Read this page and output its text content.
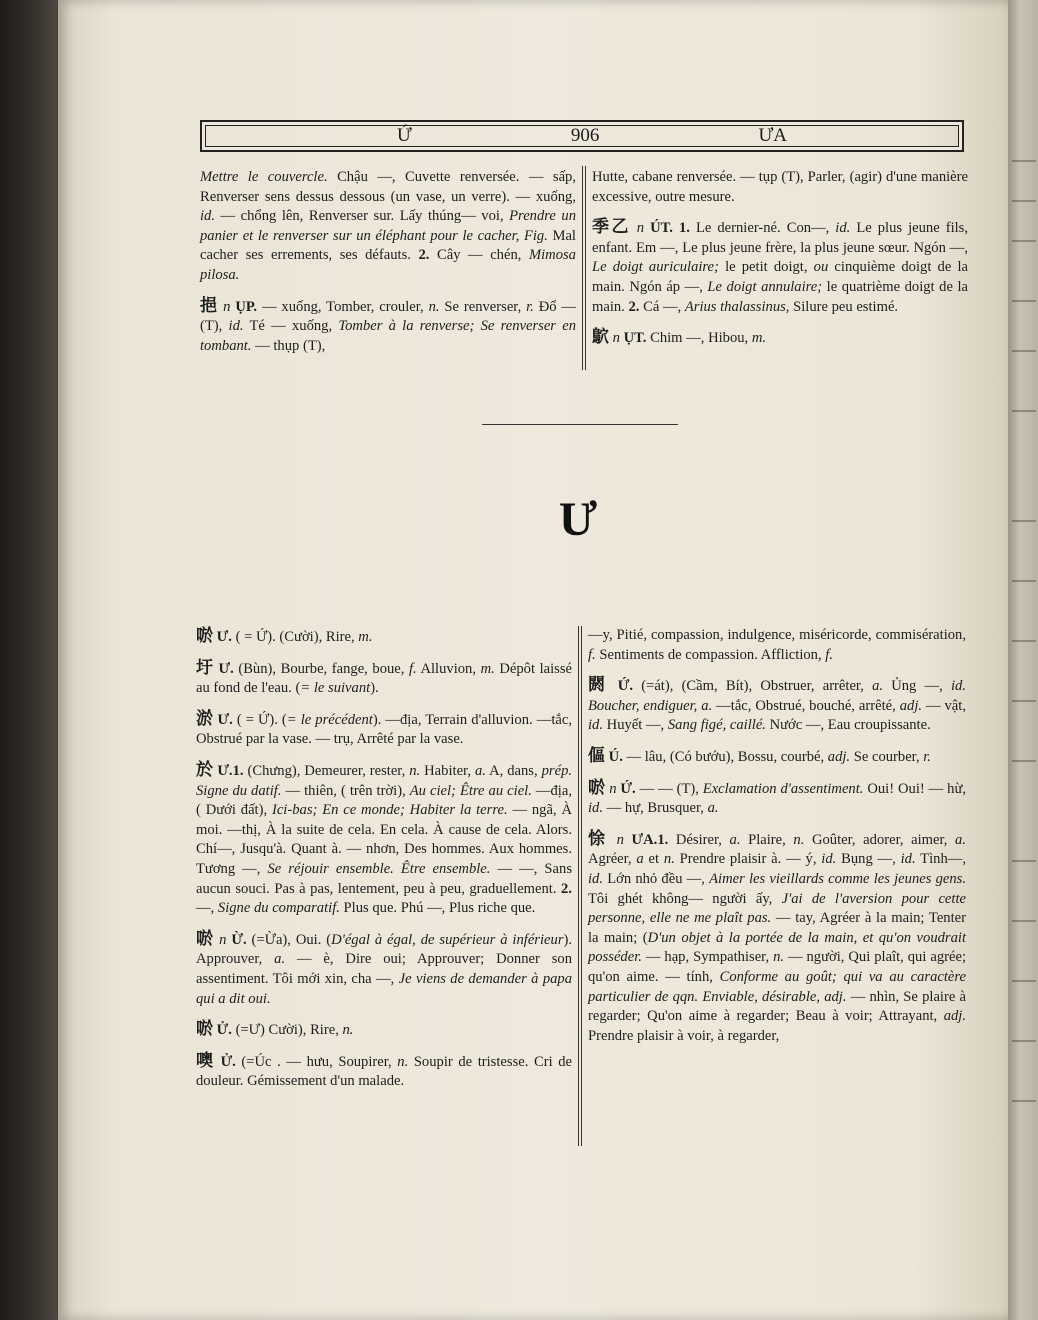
Ứ	906	ƯA

Mettre le couvercle. Chậu —, Cuvette renversée. — sấp, Renverser sens dessus dessous (un vase, un verre). — xuống, id. — chổng lên, Renverser sur. Lấy thúng— voi, Prendre un panier et le renverser sur un éléphant pour le cacher, Fig. Mal cacher ses errements, ses défauts. 2. Cây — chén, Mimosa pilosa.

挹 n ỤP. — xuống, Tomber, crouler, n. Se renverser, r. Đổ — (T), id. Té — xuống, Tomber à la renverse; Se renverser en tombant. — thụp (T),

Hutte, cabane renversée. — tụp (T), Parler, (agir) d'une manière excessive, outre mesure.

季乙 n ÚT. 1. Le dernier-né. Con—, id. Le plus jeune fils, enfant. Em —, Le plus jeune frère, la plus jeune sœur. Ngón —, Le doigt auriculaire; le petit doigt, ou cinquième doigt de la main. Ngón áp —, Le doigt annulaire; le quatrième doigt de la main. 2. Cá —, Arius thalassinus, Silure peu estimé.

鴥 n ỤT. Chim —, Hibou, m.

Ư

唹 Ư. ( = Ứ). (Cười), Rire, m.

圩 Ư. (Bùn), Bourbe, fange, boue, f. Alluvion, m. Dépôt laissé au fond de l'eau. (= le suivant).

淤 Ư. ( = Ứ). (= le précédent). —địa, Terrain d'alluvion. —tắc, Obstrué par la vase. — trụ, Arrêté par la vase.

於 Ư.1. (Chưng), Demeurer, rester, n. Habiter, a. A, dans, prép. Signe du datif. — thiên, ( trên trời), Au ciel; Être au ciel. —địa, ( Dưới đất), Ici-bas; En ce monde; Habiter la terre. — ngã, À moi. —thị, À la suite de cela. En cela. À cause de cela. Alors. Chí—, Jusqu'à. Quant à. — nhơn, Des hommes. Aux hommes. Tương —, Se réjouir ensemble. Être ensemble. — —, Sans aucun souci. Pas à pas, lentement, peu à peu, graduellement. 2. —, Signe du comparatif. Plus que. Phú —, Plus riche que.

唹 n Ừ. (=Ừa), Oui. (D'égal à égal, de supérieur à inférieur). Approuver, a. — è, Dire oui; Approuver; Donner son assentiment. Tôi mới xin, cha —, Je viens de demander à papa qui a dit oui.

唹 Ử. (=Ư) Cười), Rire, n.

噢 Ử. (=Úc . — hưu, Soupirer, n. Soupir de tristesse. Cri de douleur. Gémissement d'un malade.

—y, Pitié, compassion, indulgence, miséricorde, commisération, f. Sentiments de compassion. Affliction, f.

閼 Ứ. (=át), (Cầm, Bít), Obstruer, arrêter, a. Ủng —, id. Boucher, endiguer, a. —tắc, Obstrué, bouché, arrêté, adj. — vật, id. Huyết —, Sang figé, caillé. Nước —, Eau croupissante.

傴 Ú. — lâu, (Có bướu), Bossu, courbé, adj. Se courber, r.

唹 n Ứ. — — (T), Exclamation d'assentiment. Oui! Oui! — hừ, id. — hự, Brusquer, a.

悇 n ƯA.1. Désirer, a. Plaire, n. Goûter, adorer, aimer, a. Agréer, a et n. Prendre plaisir à. — ý, id. Bụng —, id. Tình—, id. Lớn nhỏ đều —, Aimer les vieillards comme les jeunes gens. Tôi ghét không— người ấy, J'ai de l'aversion pour cette personne, elle ne me plaît pas. — tay, Agréer à la main; Tenter la main; (D'un objet à la portée de la main, et qu'on voudrait posséder. — hạp, Sympathiser, n. — người, Qui plaît, qui agrée; qu'on aime. — tính, Conforme au goût; qui va au caractère particulier de qqn. Enviable, désirable, adj. — nhìn, Se plaire à regarder; Qu'on aime à regarder; Beau à voir; Attrayant, adj. Prendre plaisir à voir, à regarder,
